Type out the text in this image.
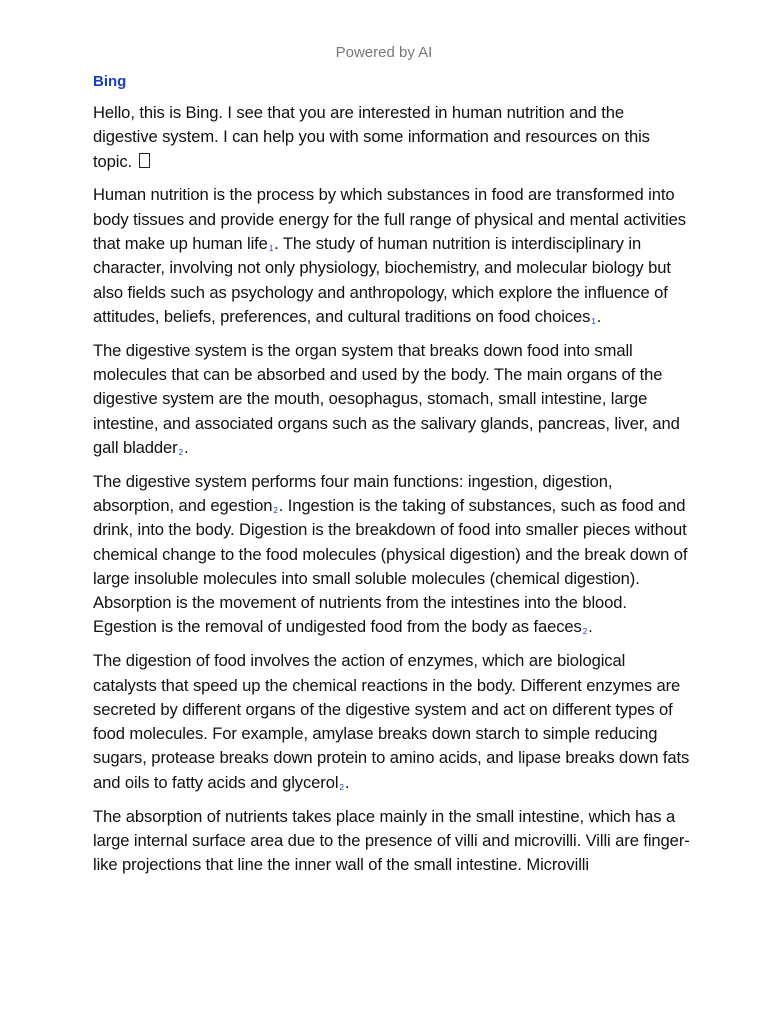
Powered by AI
Bing

Hello, this is Bing. I see that you are interested in human nutrition and the digestive system. I can help you with some information and resources on this topic.

Human nutrition is the process by which substances in food are transformed into body tissues and provide energy for the full range of physical and mental activities that make up human life$^1$. The study of human nutrition is interdisciplinary in character, involving not only physiology, biochemistry, and molecular biology but also fields such as psychology and anthropology, which explore the influence of attitudes, beliefs, preferences, and cultural traditions on food choices$^1$.

The digestive system is the organ system that breaks down food into small molecules that can be absorbed and used by the body. The main organs of the digestive system are the mouth, oesophagus, stomach, small intestine, large intestine, and associated organs such as the salivary glands, pancreas, liver, and gall bladder$^2$.

The digestive system performs four main functions: ingestion, digestion, absorption, and egestion$^2$. Ingestion is the taking of substances, such as food and drink, into the body. Digestion is the breakdown of food into smaller pieces without chemical change to the food molecules (physical digestion) and the break down of large insoluble molecules into small soluble molecules (chemical digestion). Absorption is the movement of nutrients from the intestines into the blood. Egestion is the removal of undigested food from the body as faeces$^2$.

The digestion of food involves the action of enzymes, which are biological catalysts that speed up the chemical reactions in the body. Different enzymes are secreted by different organs of the digestive system and act on different types of food molecules. For example, amylase breaks down starch to simple reducing sugars, protease breaks down protein to amino acids, and lipase breaks down fats and oils to fatty acids and glycerol$^2$.

The absorption of nutrients takes place mainly in the small intestine, which has a large internal surface area due to the presence of villi and microvilli. Villi are finger-like projections that line the inner wall of the small intestine. Microvilli
